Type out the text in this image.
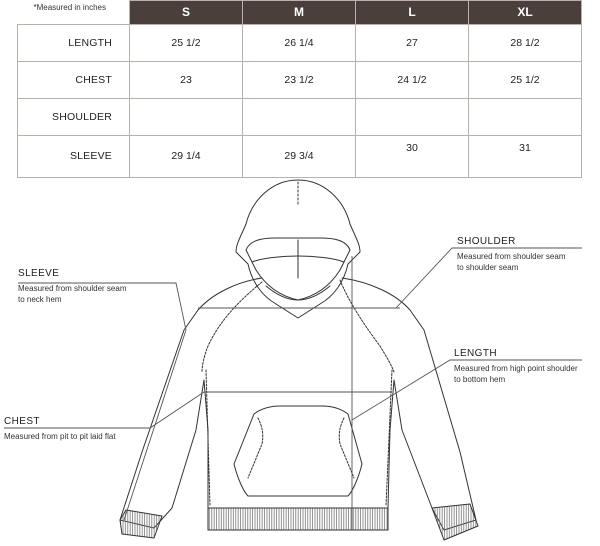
*Measured in inches	S	M	L	XL
LENGTH	25 1/2	26 1/4	27	28 1/2
CHEST	23	23 1/2	24 1/2	25 1/2
SHOULDER				
SLEEVE	29 1/4	29 3/4	30	31
SLEEVE
Measured from shoulder seam
to neck hem
SHOULDER
Measured from shoulder seam
to shoulder seam
LENGTH
Measured from high point shoulder
to bottom hem
CHEST
Measured from pit to pit laid flat
